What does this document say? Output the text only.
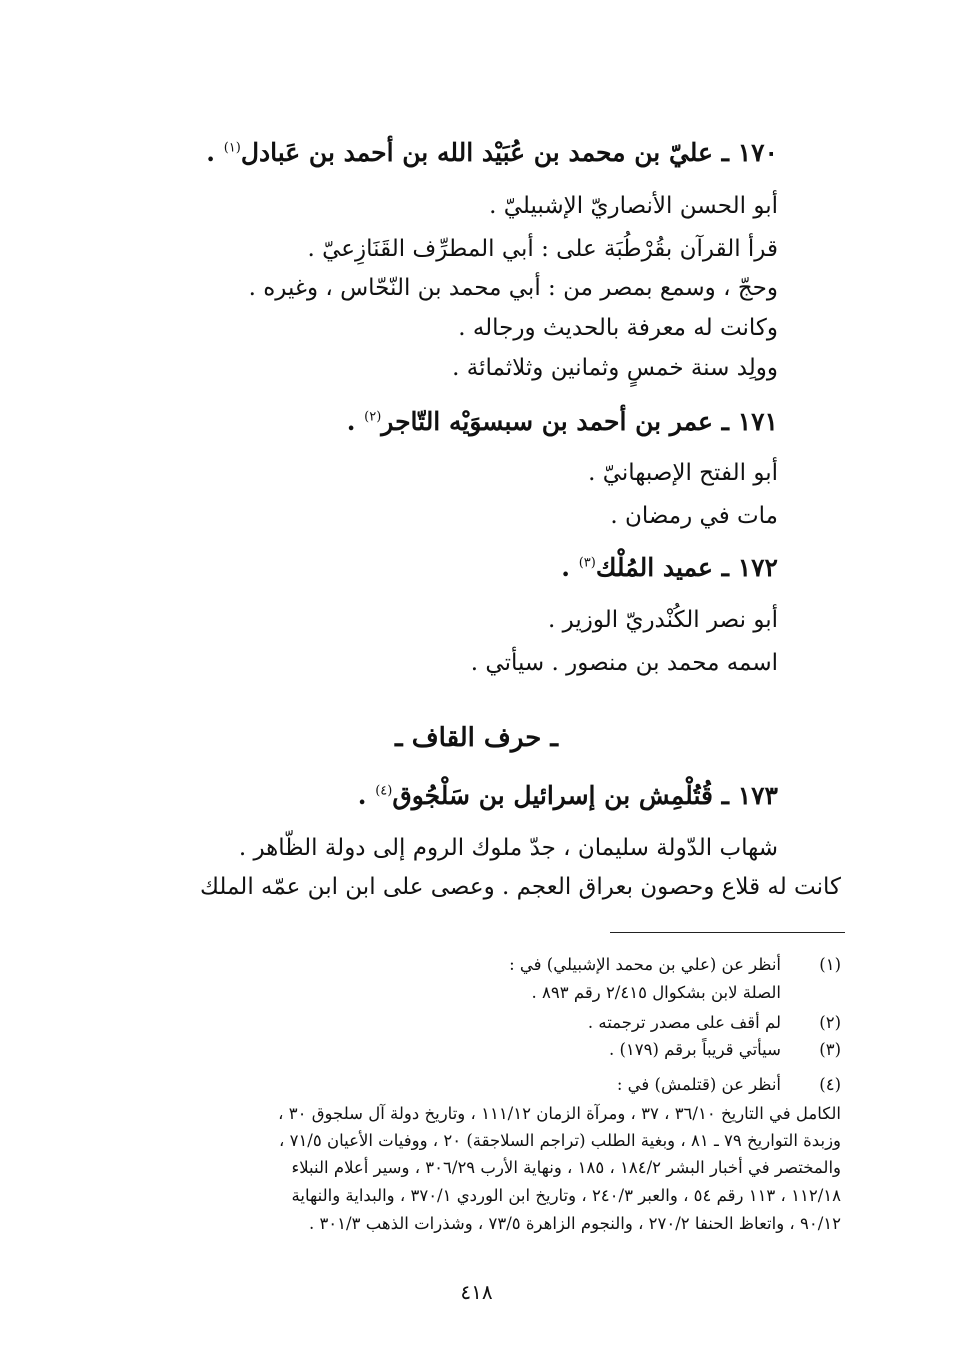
١٧٠ ـ عليّ بن محمد بن عُبَيْد الله بن أحمد بن عَبادل$^{(١)}$ .
أبو الحسن الأنصاريّ الإشبيليّ .
قرأ القرآن بقُرْطُبَة على : أبي المطرِّف القَنَازِعيّ .
وحجّ ، وسمع بمصر من : أبي محمد بن النّحّاس ، وغيره .
وكانت له معرفة بالحديث ورجاله .
وولِد سنة خمسٍ وثمانين وثلاثمائة .
١٧١ ـ عمر بن أحمد بن سبسوَيْه التّاجر$^{(٢)}$ .
أبو الفتح الإصبهانيّ .
مات في رمضان .
١٧٢ ـ عميد المُلْك$^{(٣)}$ .
أبو نصر الكُنْدريّ الوزير .
اسمه محمد بن منصور . سيأتي .
ـ حرف القاف ـ
١٧٣ ـ قُتُلْمِش بن إسرائيل بن سَلْجُوق$^{(٤)}$ .
شهاب الدّولة سليمان ، جدّ ملوك الروم إلى دولة الظّاهر .
كانت له قلاع وحصون بعراق العجم . وعصى على ابن ابن عمّه الملك
(١)
أنظر عن (علي بن محمد الإشبيلي) في :
الصلة لابن بشكوال ٢/٤١٥ رقم ٨٩٣ .
(٢)
لم أقف على مصدر ترجمته .
(٣)
سيأتي قريباً برقم (١٧٩) .
(٤)
أنظر عن (قتلمش) في :
الكامل في التاريخ ٣٦/١٠ ، ٣٧ ، ومرآة الزمان ١١١/١٢ ، وتاريخ دولة آل سلجوق ٣٠ ،
وزبدة التواريخ ٧٩ ـ ٨١ ، وبغية الطلب (تراجم السلاجقة) ٢٠ ، ووفيات الأعيان ٧١/٥ ،
والمختصر في أخبار البشر ١٨٤/٢ ، ١٨٥ ، ونهاية الأرب ٣٠٦/٢٩ ، وسير أعلام النبلاء
١١٢/١٨ ، ١١٣ رقم ٥٤ ، والعبر ٢٤٠/٣ ، وتاريخ ابن الوردي ٣٧٠/١ ، والبداية والنهاية
٩٠/١٢ ، واتعاظ الحنفا ٢٧٠/٢ ، والنجوم الزاهرة ٧٣/٥ ، وشذرات الذهب ٣٠١/٣ .
٤١٨
